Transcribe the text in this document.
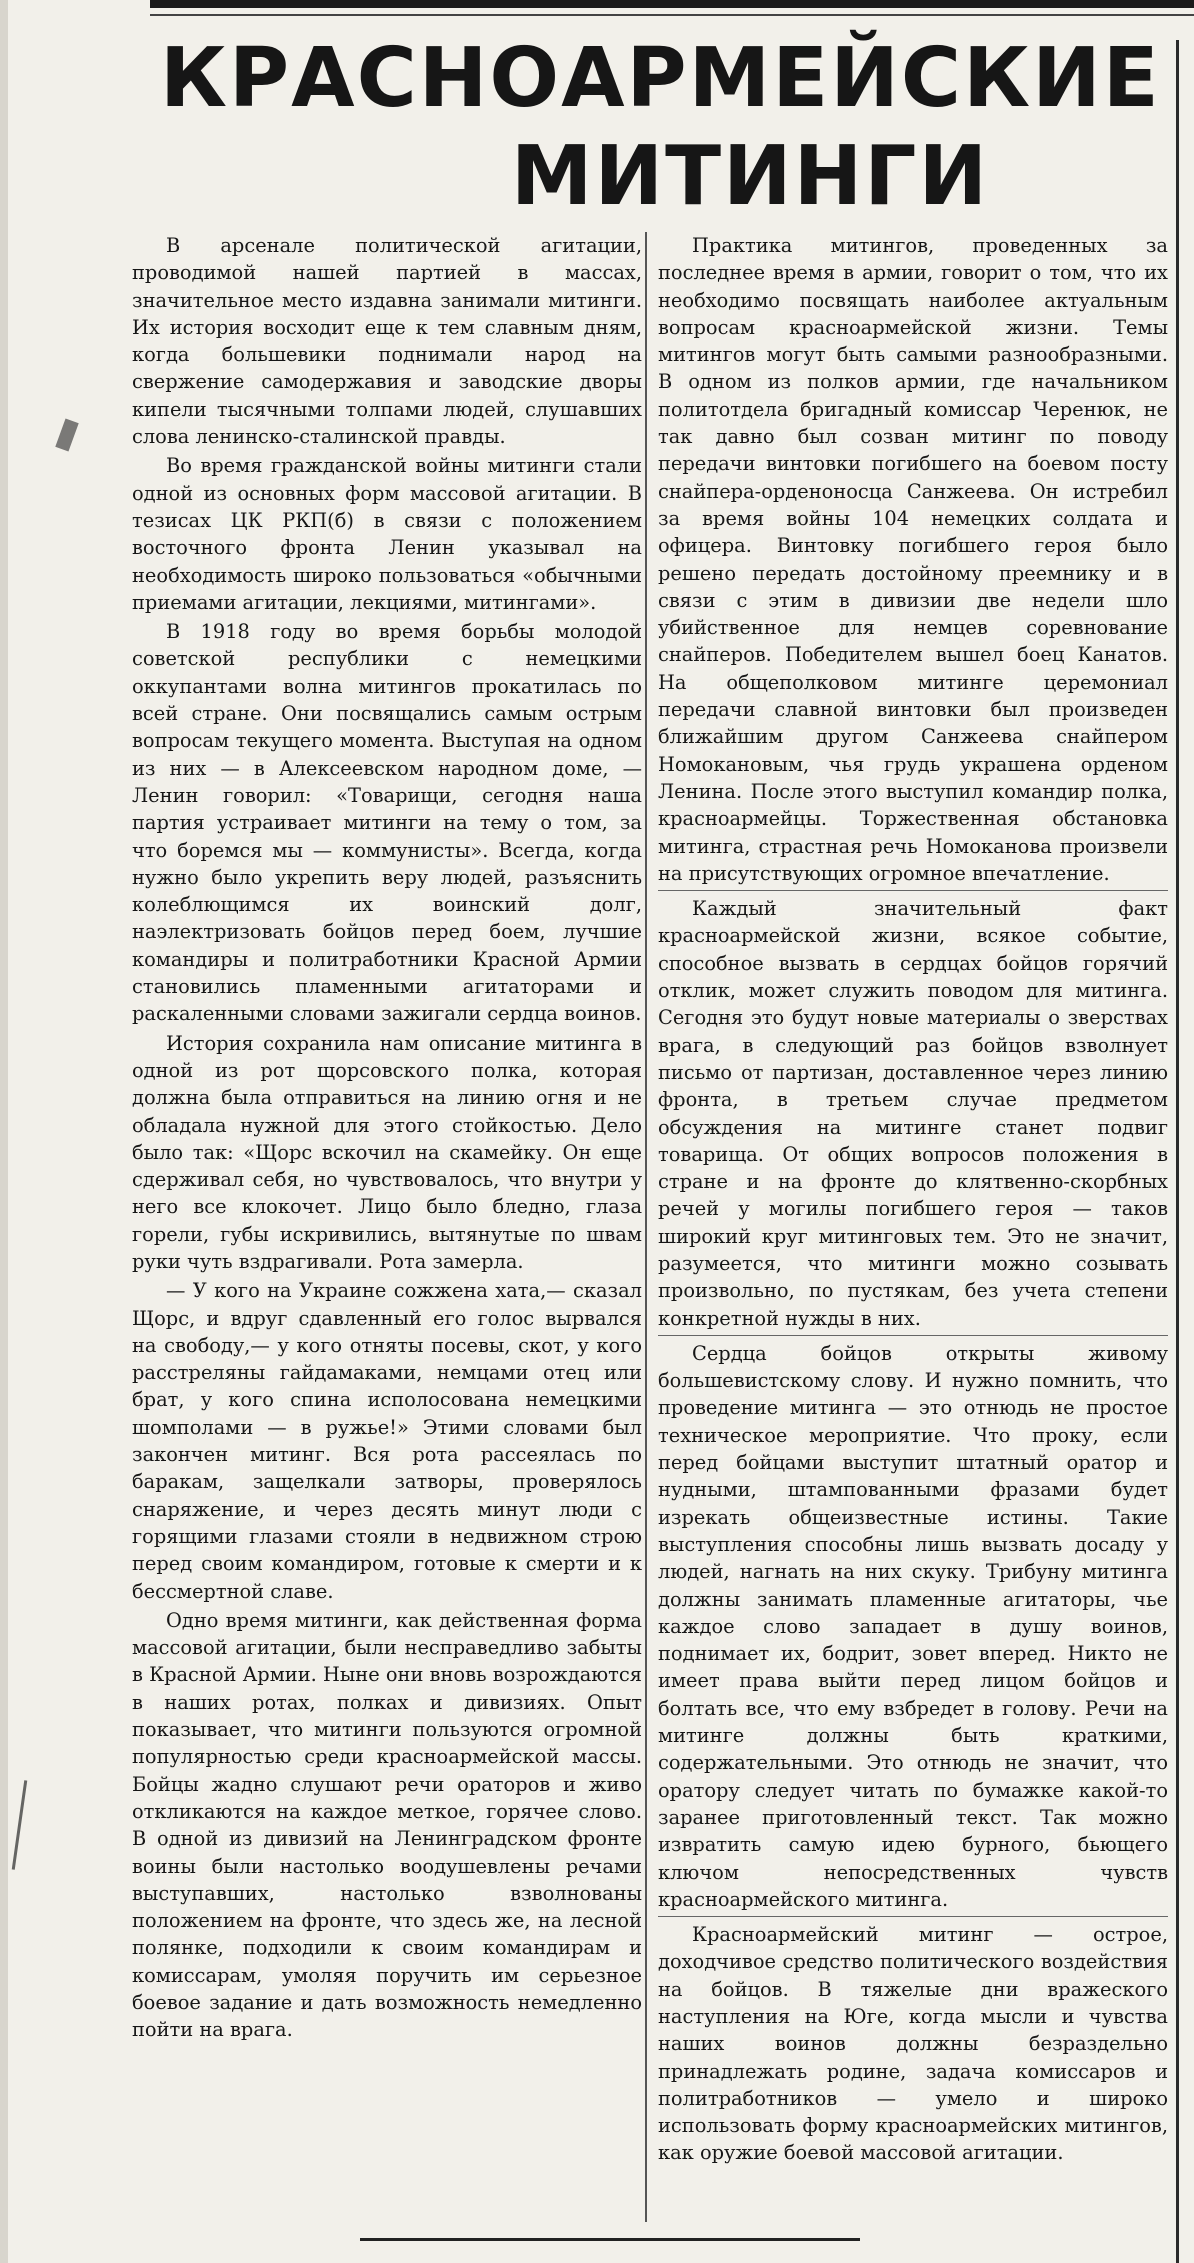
КРАСНОАРМЕЙСКИЕ
МИТИНГИ

В арсенале политической агитации, проводимой нашей партией в массах, значительное место издавна занимали митинги. Их история восходит еще к тем славным дням, когда большевики поднимали народ на свержение самодержавия и заводские дворы кипели тысячными толпами людей, слушавших слова ленинско-сталинской правды.

Во время гражданской войны митинги стали одной из основных форм массовой агитации. В тезисах ЦК РКП(б) в связи с положением восточного фронта Ленин указывал на необходимость широко пользоваться «обычными приемами агитации, лекциями, митингами».

В 1918 году во время борьбы молодой советской республики с немецкими оккупантами волна митингов прокатилась по всей стране. Они посвящались самым острым вопросам текущего момента. Выступая на одном из них — в Алексеевском народном доме, — Ленин говорил: «Товарищи, сегодня наша партия устраивает митинги на тему о том, за что боремся мы — коммунисты». Всегда, когда нужно было укрепить веру людей, разъяснить колеблющимся их воинский долг, наэлектризовать бойцов перед боем, лучшие командиры и политработники Красной Армии становились пламенными агитаторами и раскаленными словами зажигали сердца воинов.

История сохранила нам описание митинга в одной из рот щорсовского полка, которая должна была отправиться на линию огня и не обладала нужной для этого стойкостью. Дело было так: «Щорс вскочил на скамейку. Он еще сдерживал себя, но чувствовалось, что внутри у него все клокочет. Лицо было бледно, глаза горели, губы искривились, вытянутые по швам руки чуть вздрагивали. Рота замерла.

— У кого на Украине сожжена хата,— сказал Щорс, и вдруг сдавленный его голос вырвался на свободу,— у кого отняты посевы, скот, у кого расстреляны гайдамаками, немцами отец или брат, у кого спина исполосована немецкими шомполами — в ружье!» Этими словами был закончен митинг. Вся рота рассеялась по баракам, защелкали затворы, проверялось снаряжение, и через десять минут люди с горящими глазами стояли в недвижном строю перед своим командиром, готовые к смерти и к бессмертной славе.

Одно время митинги, как действенная форма массовой агитации, были несправедливо забыты в Красной Армии. Ныне они вновь возрождаются в наших ротах, полках и дивизиях. Опыт показывает, что митинги пользуются огромной популярностью среди красноармейской массы. Бойцы жадно слушают речи ораторов и живо откликаются на каждое меткое, горячее слово. В одной из дивизий на Ленинградском фронте воины были настолько воодушевлены речами выступавших, настолько взволнованы положением на фронте, что здесь же, на лесной полянке, подходили к своим командирам и комиссарам, умоляя поручить им серьезное боевое задание и дать возможность немедленно пойти на врага.

Практика митингов, проведенных за последнее время в армии, говорит о том, что их необходимо посвящать наиболее актуальным вопросам красноармейской жизни. Темы митингов могут быть самыми разнообразными. В одном из полков армии, где начальником политотдела бригадный комиссар Черенюк, не так давно был созван митинг по поводу передачи винтовки погибшего на боевом посту снайпера-орденоносца Санжеева. Он истребил за время войны 104 немецких солдата и офицера. Винтовку погибшего героя было решено передать достойному преемнику и в связи с этим в дивизии две недели шло убийственное для немцев соревнование снайперов. Победителем вышел боец Канатов. На общеполковом митинге церемониал передачи славной винтовки был произведен ближайшим другом Санжеева снайпером Номокановым, чья грудь украшена орденом Ленина. После этого выступил командир полка, красноармейцы. Торжественная обстановка митинга, страстная речь Номоканова произвели на присутствующих огромное впечатление.

Каждый значительный факт красноармейской жизни, всякое событие, способное вызвать в сердцах бойцов горячий отклик, может служить поводом для митинга. Сегодня это будут новые материалы о зверствах врага, в следующий раз бойцов взволнует письмо от партизан, доставленное через линию фронта, в третьем случае предметом обсуждения на митинге станет подвиг товарища. От общих вопросов положения в стране и на фронте до клятвенно-скорбных речей у могилы погибшего героя — таков широкий круг митинговых тем. Это не значит, разумеется, что митинги можно созывать произвольно, по пустякам, без учета степени конкретной нужды в них.

Сердца бойцов открыты живому большевистскому слову. И нужно помнить, что проведение митинга — это отнюдь не простое техническое мероприятие. Что проку, если перед бойцами выступит штатный оратор и нудными, штампованными фразами будет изрекать общеизвестные истины. Такие выступления способны лишь вызвать досаду у людей, нагнать на них скуку. Трибуну митинга должны занимать пламенные агитаторы, чье каждое слово западает в душу воинов, поднимает их, бодрит, зовет вперед. Никто не имеет права выйти перед лицом бойцов и болтать все, что ему взбредет в голову. Речи на митинге должны быть краткими, содержательными. Это отнюдь не значит, что оратору следует читать по бумажке какой-то заранее приготовленный текст. Так можно извратить самую идею бурного, бьющего ключом непосредственных чувств красноармейского митинга.

Красноармейский митинг — острое, доходчивое средство политического воздействия на бойцов. В тяжелые дни вражеского наступления на Юге, когда мысли и чувства наших воинов должны безраздельно принадлежать родине, задача комиссаров и политработников — умело и широко использовать форму красноармейских митингов, как оружие боевой массовой агитации.
